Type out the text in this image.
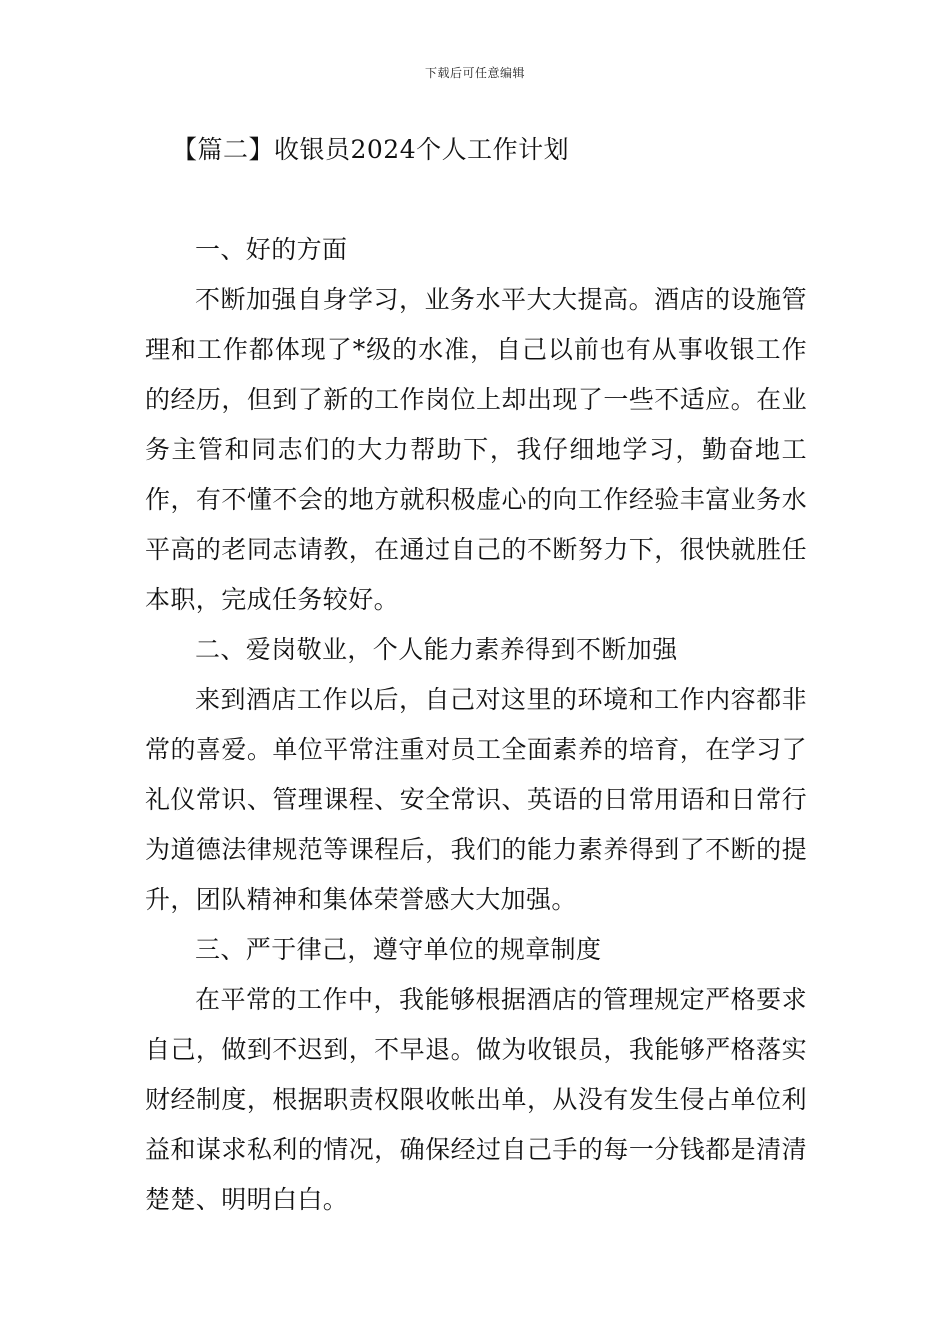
下载后可任意编辑
【篇二】收银员2024个人工作计划

一、好的方面

不断加强自身学习，业务水平大大提高。酒店的设施管理和工作都体现了*级的水准，自己以前也有从事收银工作的经历，但到了新的工作岗位上却出现了一些不适应。在业务主管和同志们的大力帮助下，我仔细地学习，勤奋地工作，有不懂不会的地方就积极虚心的向工作经验丰富业务水平高的老同志请教，在通过自己的不断努力下，很快就胜任本职，完成任务较好。

二、爱岗敬业，个人能力素养得到不断加强

来到酒店工作以后，自己对这里的环境和工作内容都非常的喜爱。单位平常注重对员工全面素养的培育，在学习了礼仪常识、管理课程、安全常识、英语的日常用语和日常行为道德法律规范等课程后，我们的能力素养得到了不断的提升，团队精神和集体荣誉感大大加强。

三、严于律己，遵守单位的规章制度

在平常的工作中，我能够根据酒店的管理规定严格要求自己，做到不迟到，不早退。做为收银员，我能够严格落实财经制度，根据职责权限收帐出单，从没有发生侵占单位利益和谋求私利的情况，确保经过自己手的每一分钱都是清清楚楚、明明白白。
